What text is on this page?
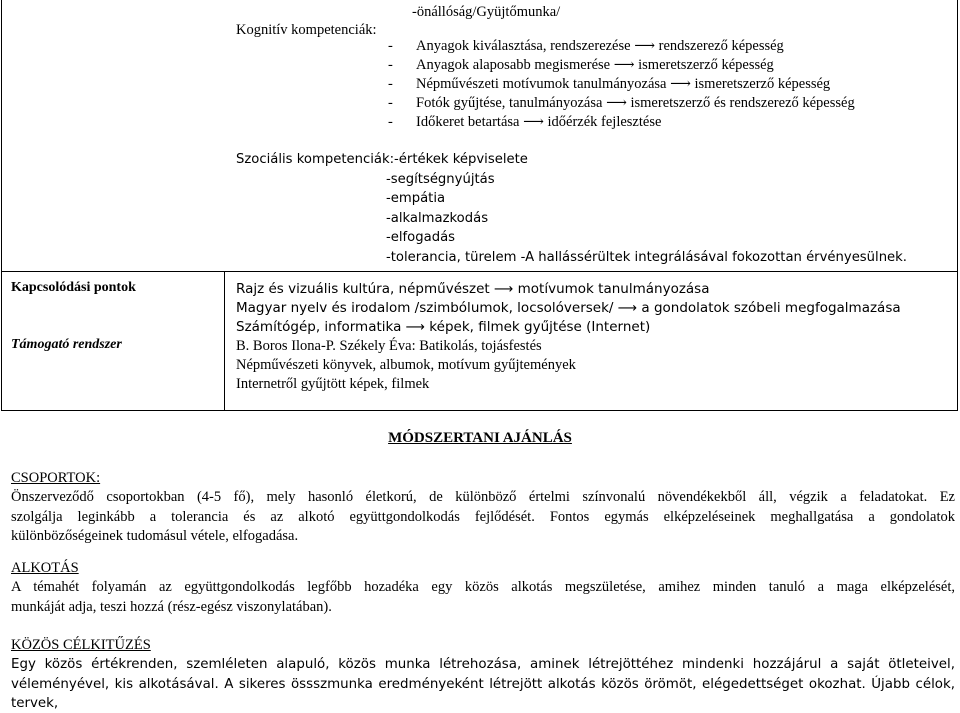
-önállóság/Gyüjtőmunka/
Kognitív kompetenciák:
- Anyagok kiválasztása, rendszerezése ⟶ rendszerező képesség
- Anyagok alaposabb megismerése ⟶ ismeretszerző képesség
- Népművészeti motívumok tanulmányozása ⟶ ismeretszerző képesség
- Fotók gyűjtése, tanulmányozása ⟶ ismeretszerző és rendszerező képesség
- Időkeret betartása ⟶ időérzék fejlesztése
Szociális kompetenciák:-értékek képviselete
-segítségnyújtás
-empátia
-alkalmazkodás
-elfogadás
-tolerancia, türelem -A hallássérültek integrálásával fokozottan érvényesülnek.
Kapcsolódási pontok
Támogató rendszer
Rajz és vizuális kultúra, népművészet ⟶ motívumok tanulmányozása
Magyar nyelv és irodalom /szimbólumok, locsolóversek/ ⟶ a gondolatok szóbeli megfogalmazása
Számítógép, informatika ⟶ képek, filmek gyűjtése (Internet)
B. Boros Ilona-P. Székely Éva: Batikolás, tojásfestés
Népművészeti könyvek, albumok, motívum gyűjtemények
Internetről gyűjtött képek, filmek
MÓDSZERTANI AJÁNLÁS
CSOPORTOK:
Önszerveződő csoportokban (4-5 fő), mely hasonló életkorú, de különböző értelmi színvonalú növendékekből áll, végzik a feladatokat. Ez
szolgálja leginkább a tolerancia és az alkotó együttgondolkodás fejlődését. Fontos egymás elképzeléseinek meghallgatása a gondolatok
különbözőségeinek tudomásul vétele, elfogadása.
ALKOTÁS
A témahét folyamán az együttgondolkodás legfőbb hozadéka egy közös alkotás megszületése, amihez minden tanuló a maga elképzelését,
munkáját adja, teszi hozzá (rész-egész viszonylatában).
KÖZÖS CÉLKITŰZÉS
Egy közös értékrenden, szemléleten alapuló, közös munka létrehozása, aminek létrejöttéhez mindenki hozzájárul a saját ötleteivel,
véleményével, kis alkotásával. A sikeres össszmunka eredményeként létrejött alkotás közös örömöt, elégedettséget okozhat. Újabb célok, tervek,
